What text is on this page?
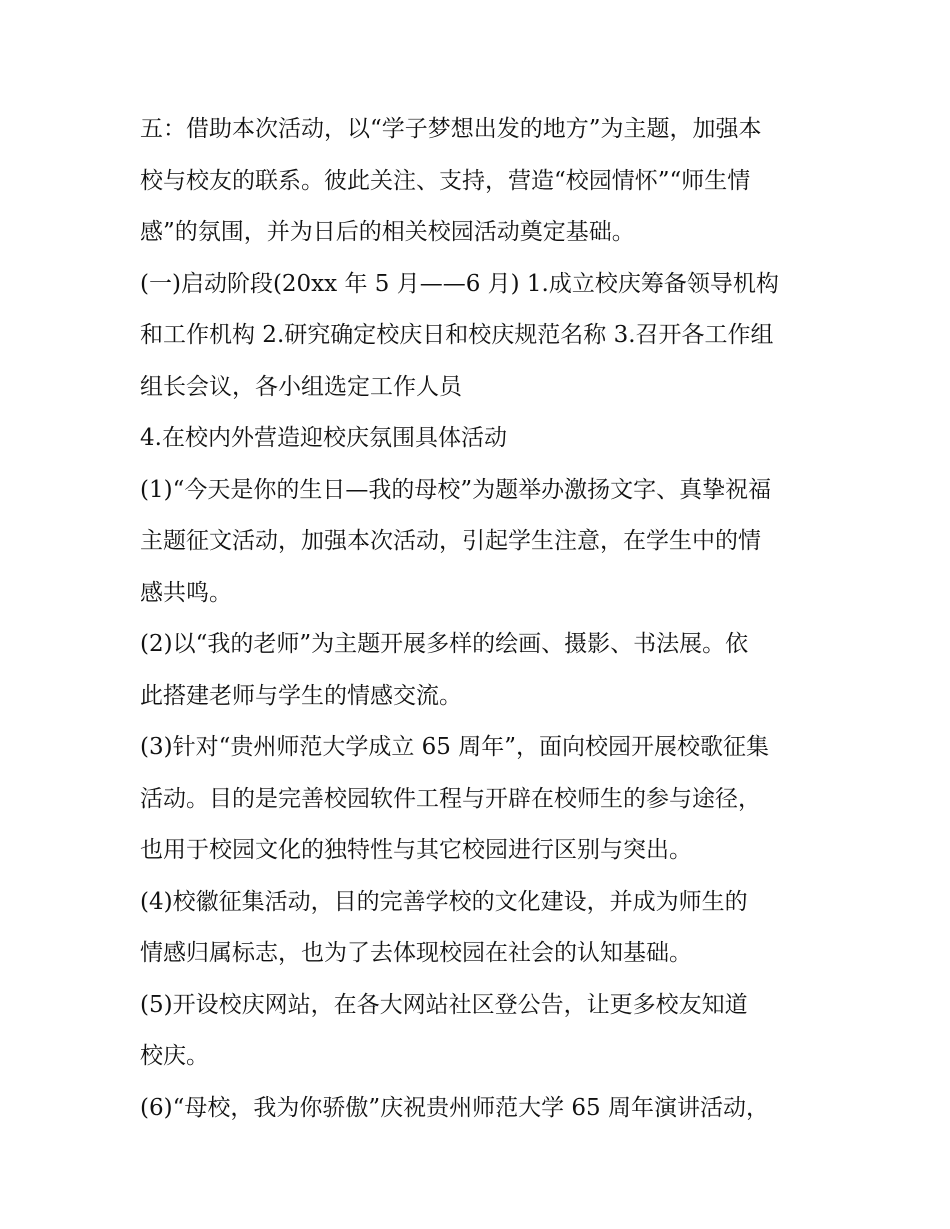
五：借助本次活动，以“学子梦想出发的地方”为主题，加强本
校与校友的联系。彼此关注、支持，营造“校园情怀”“师生情
感”的氛围，并为日后的相关校园活动奠定基础。

(一)启动阶段(20xx 年 5 月——6 月) 1.成立校庆筹备领导机构
和工作机构 2.研究确定校庆日和校庆规范名称 3.召开各工作组
组长会议，各小组选定工作人员

4.在校内外营造迎校庆氛围具体活动

(1)“今天是你的生日—我的母校”为题举办激扬文字、真挚祝福
主题征文活动，加强本次活动，引起学生注意，在学生中的情
感共鸣。

(2)以“我的老师”为主题开展多样的绘画、摄影、书法展。依
此搭建老师与学生的情感交流。

(3)针对“贵州师范大学成立 65 周年”，面向校园开展校歌征集
活动。目的是完善校园软件工程与开辟在校师生的参与途径，
也用于校园文化的独特性与其它校园进行区别与突出。

(4)校徽征集活动，目的完善学校的文化建设，并成为师生的
情感归属标志，也为了去体现校园在社会的认知基础。

(5)开设校庆网站，在各大网站社区登公告，让更多校友知道
校庆。

(6)“母校，我为你骄傲”庆祝贵州师范大学 65 周年演讲活动，
